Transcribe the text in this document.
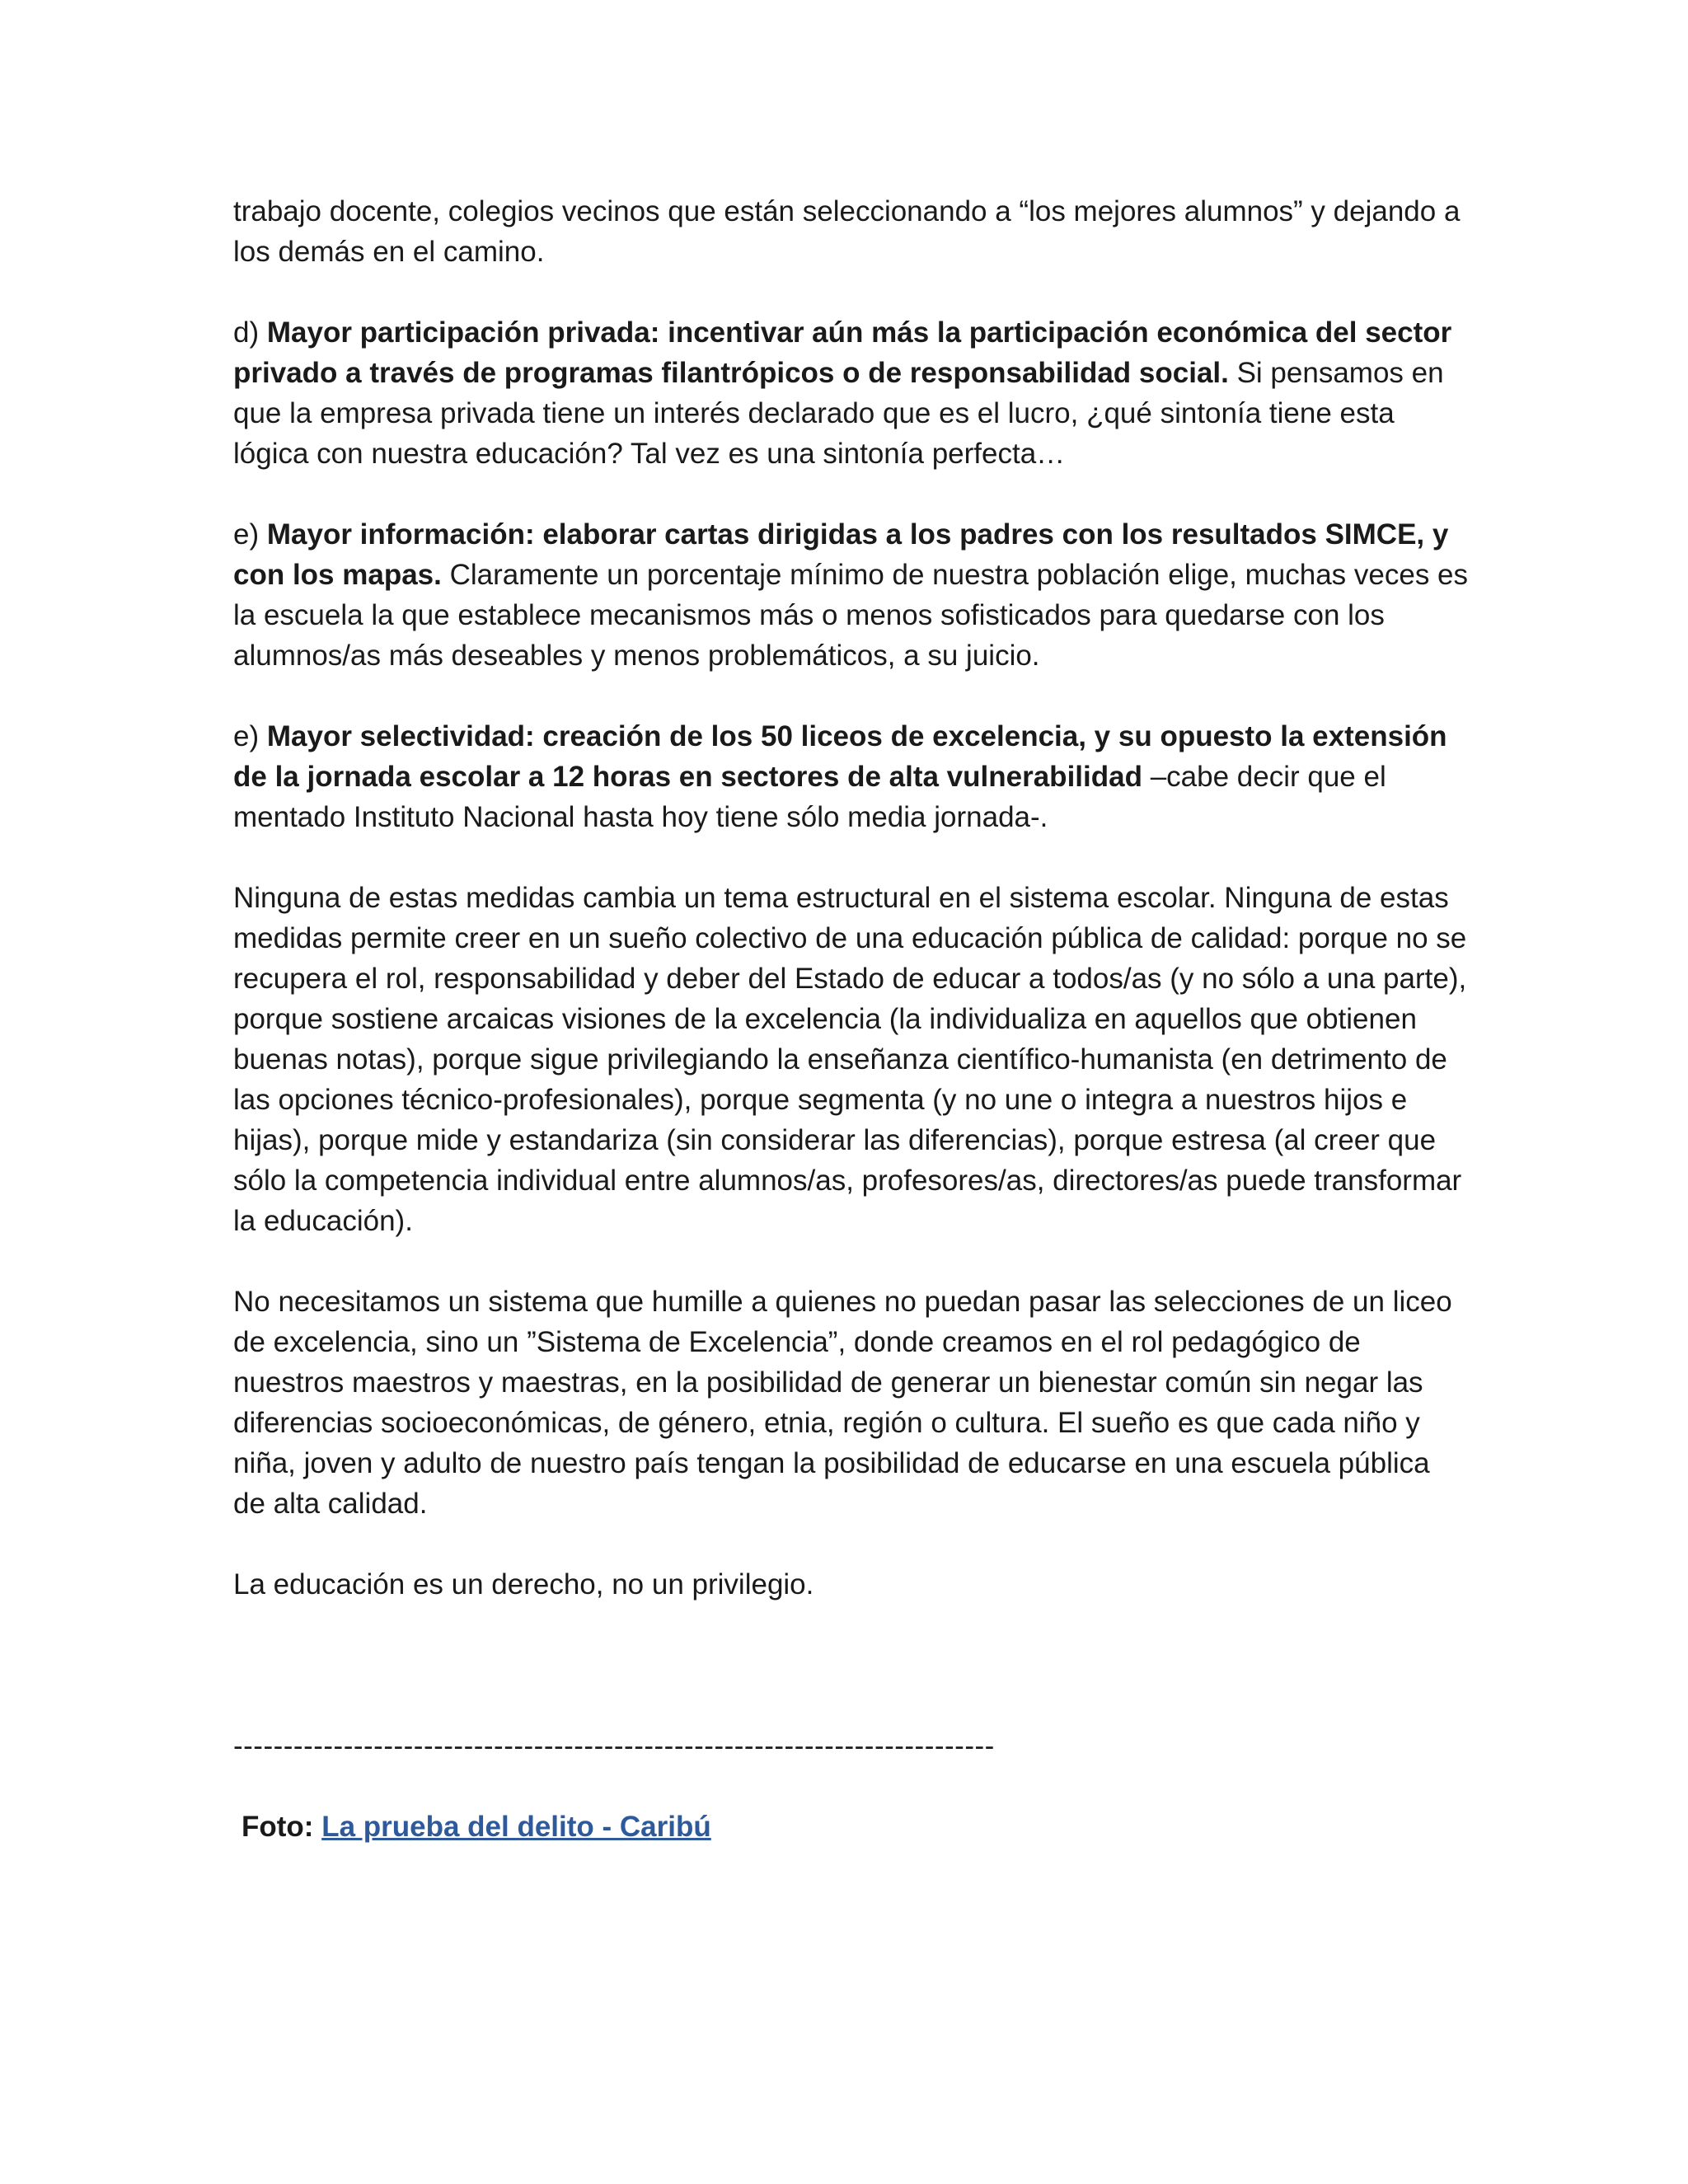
trabajo docente, colegios vecinos que están seleccionando a “los mejores alumnos” y dejando a los demás en el camino.

d) Mayor participación privada: incentivar aún más la participación económica del sector privado a través de programas filantrópicos o de responsabilidad social. Si pensamos en que la empresa privada tiene un interés declarado que es el lucro, ¿qué sintonía tiene esta lógica con nuestra educación? Tal vez es una sintonía perfecta…

e) Mayor información: elaborar cartas dirigidas a los padres con los resultados SIMCE, y con los mapas. Claramente un porcentaje mínimo de nuestra población elige, muchas veces es la escuela la que establece mecanismos más o menos sofisticados para quedarse con los alumnos/as más deseables y menos problemáticos, a su juicio.

e) Mayor selectividad: creación de los 50 liceos de excelencia, y su opuesto la extensión de la jornada escolar a 12 horas en sectores de alta vulnerabilidad –cabe decir que el mentado Instituto Nacional hasta hoy tiene sólo media jornada-.

Ninguna de estas medidas cambia un tema estructural en el sistema escolar. Ninguna de estas medidas permite creer en un sueño colectivo de una educación pública de calidad: porque no se recupera el rol, responsabilidad y deber del Estado de educar a todos/as (y no sólo a una parte), porque sostiene arcaicas visiones de la excelencia (la individualiza en aquellos que obtienen buenas notas), porque sigue privilegiando la enseñanza científico-humanista (en detrimento de las opciones técnico-profesionales), porque segmenta (y no une o integra a nuestros hijos e hijas), porque mide y estandariza (sin considerar las diferencias), porque estresa (al creer que sólo la competencia individual entre alumnos/as, profesores/as, directores/as puede transformar la educación).

No necesitamos un sistema que humille a quienes no puedan pasar las selecciones de un liceo de excelencia, sino un ”Sistema de Excelencia”, donde creamos en el rol pedagógico de nuestros maestros y maestras, en la posibilidad de generar un bienestar común sin negar las diferencias socioeconómicas, de género, etnia, región o cultura. El sueño es que cada niño y niña, joven y adulto de nuestro país tengan la posibilidad de educarse en una escuela pública de alta calidad.

La educación es un derecho, no un privilegio.

----------------------------------------------------------------------------

Foto: La prueba del delito - Caribú
